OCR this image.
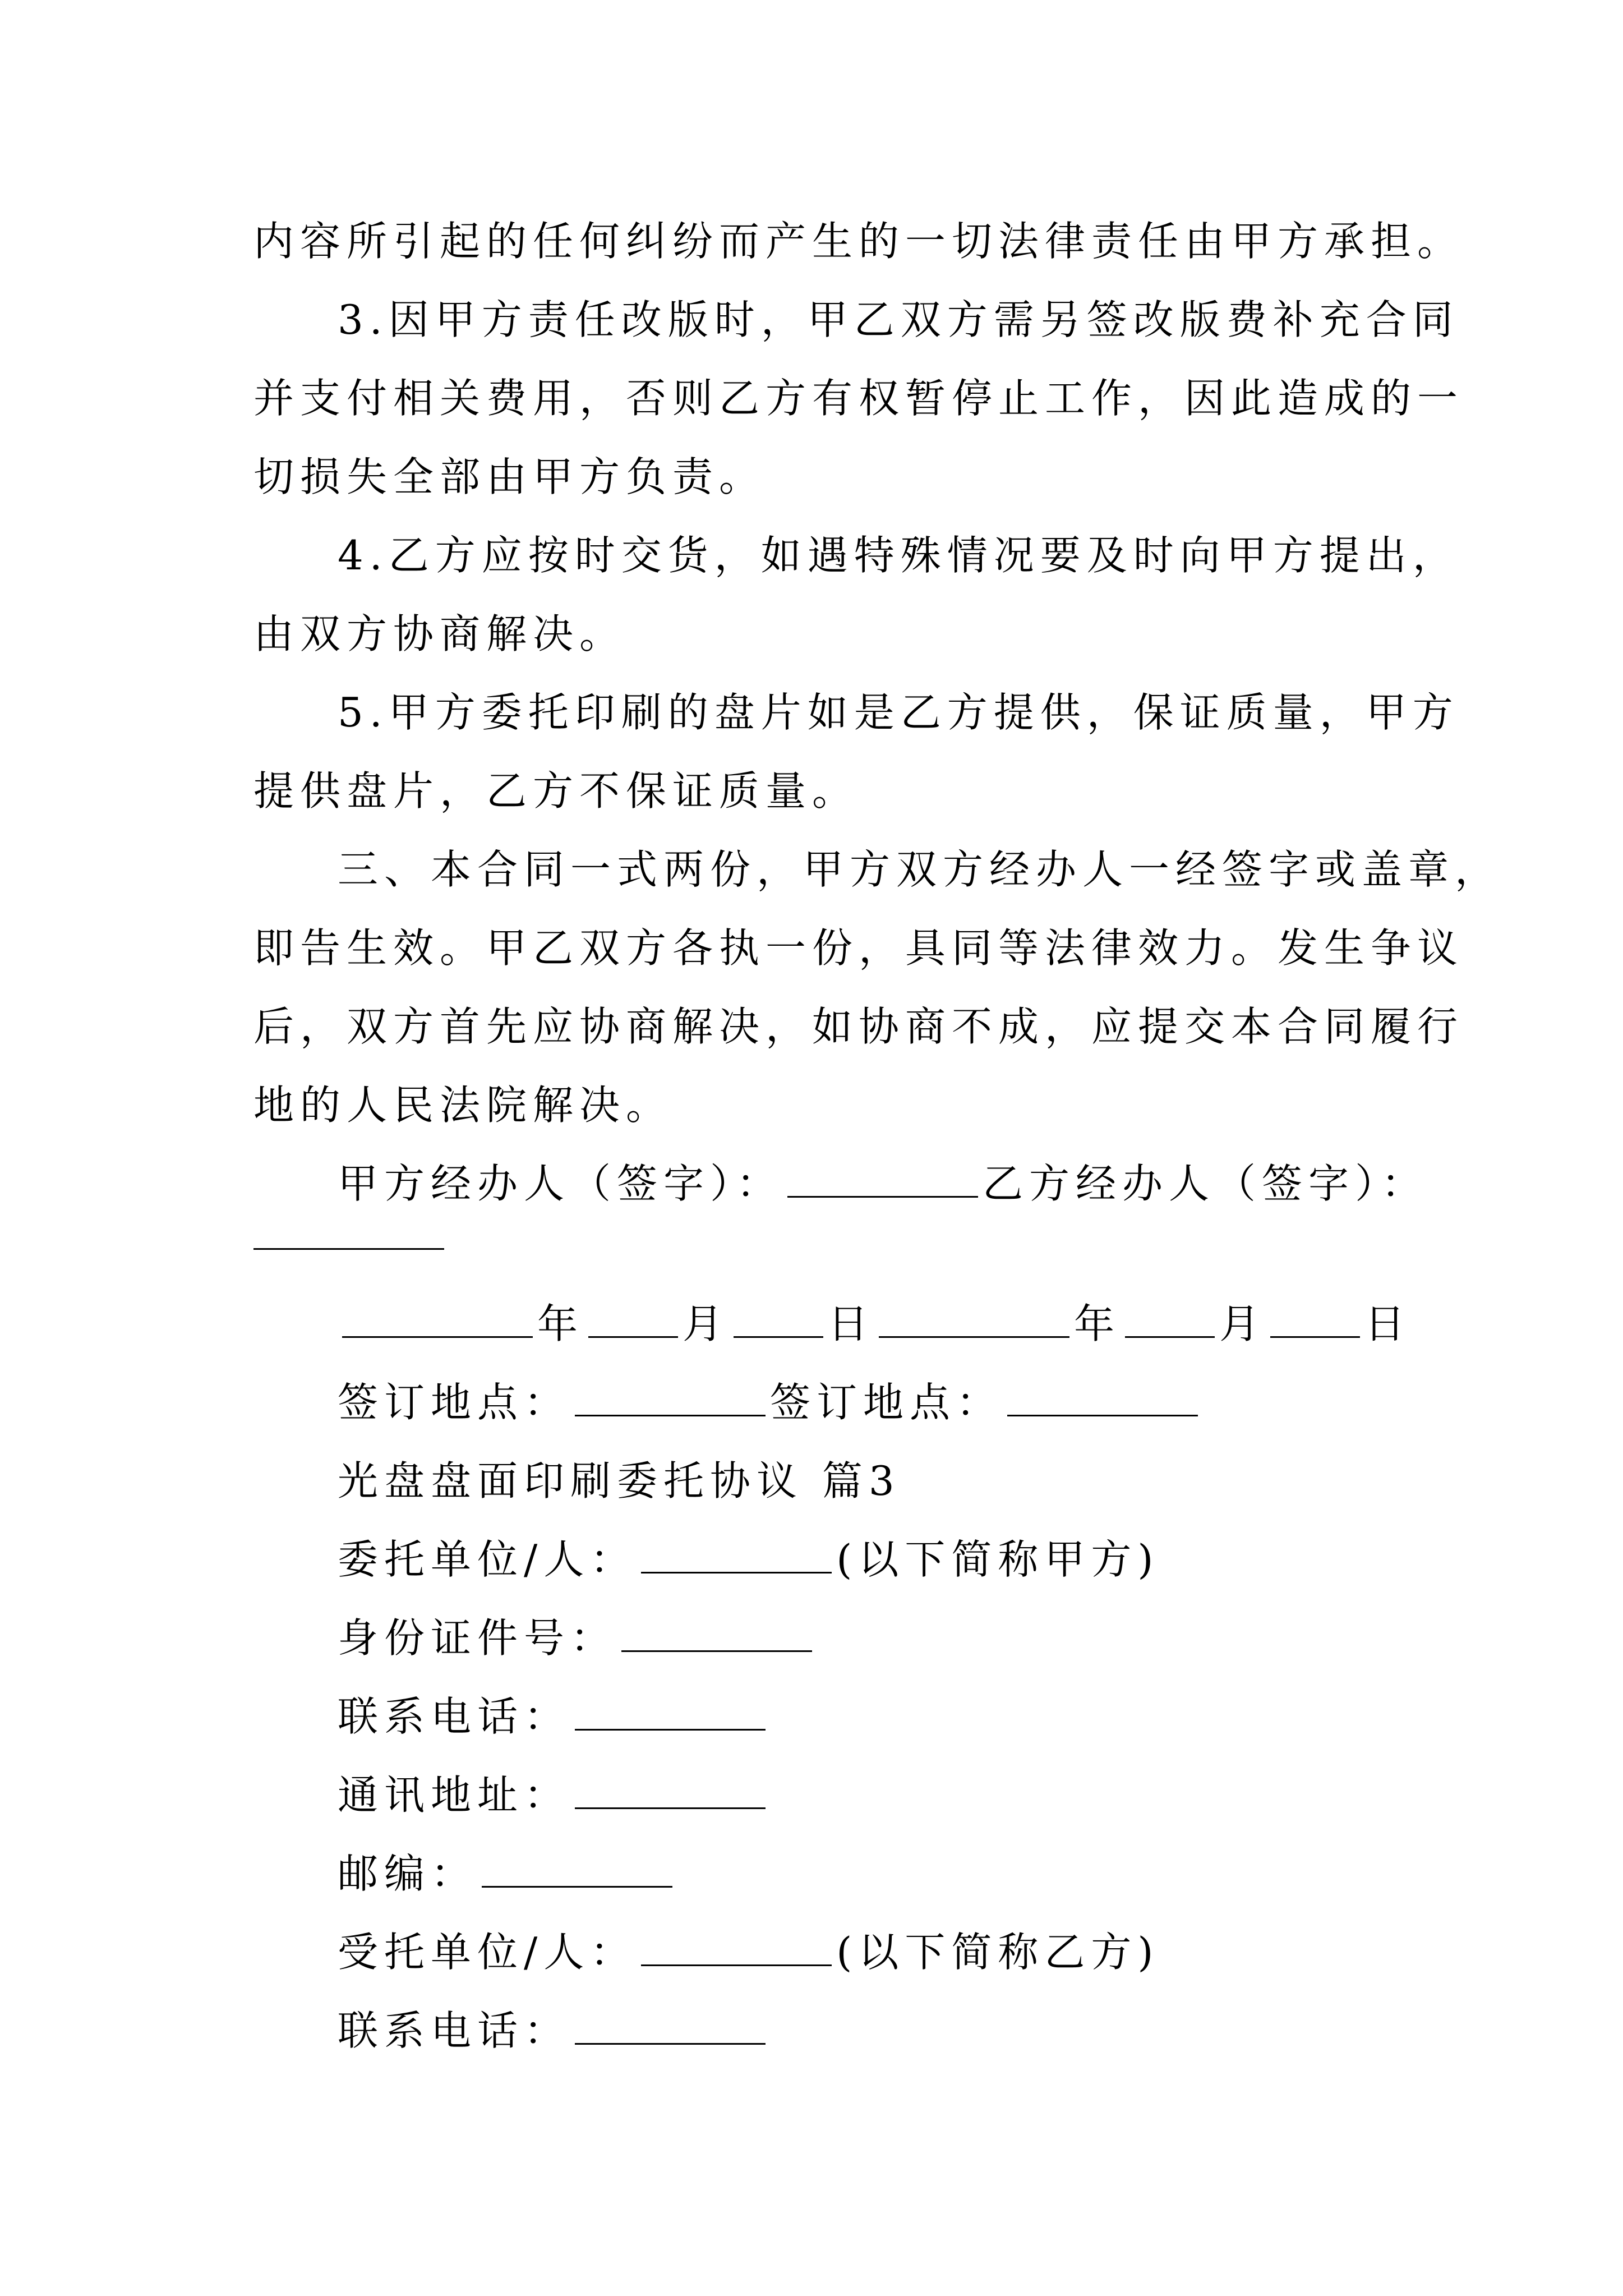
内容所引起的任何纠纷而产生的一切法律责任由甲方承担。
3.因甲方责任改版时，甲乙双方需另签改版费补充合同
并支付相关费用，否则乙方有权暂停止工作，因此造成的一
切损失全部由甲方负责。
4.乙方应按时交货，如遇特殊情况要及时向甲方提出，
由双方协商解决。
5.甲方委托印刷的盘片如是乙方提供，保证质量，甲方
提供盘片，乙方不保证质量。
三、本合同一式两份，甲方双方经办人一经签字或盖章，
即告生效。甲乙双方各执一份，具同等法律效力。发生争议
后，双方首先应协商解决，如协商不成，应提交本合同履行
地的人民法院解决。
甲方经办人（签字）：	乙方经办人（签字）：
年 月 日	年 月 日
签订地点：	签订地点：
光盘盘面印刷委托协议 篇3
委托单位/人：	(以下简称甲方)
身份证件号：
联系电话：
通讯地址：
邮编：
受托单位/人：	(以下简称乙方)
联系电话：
